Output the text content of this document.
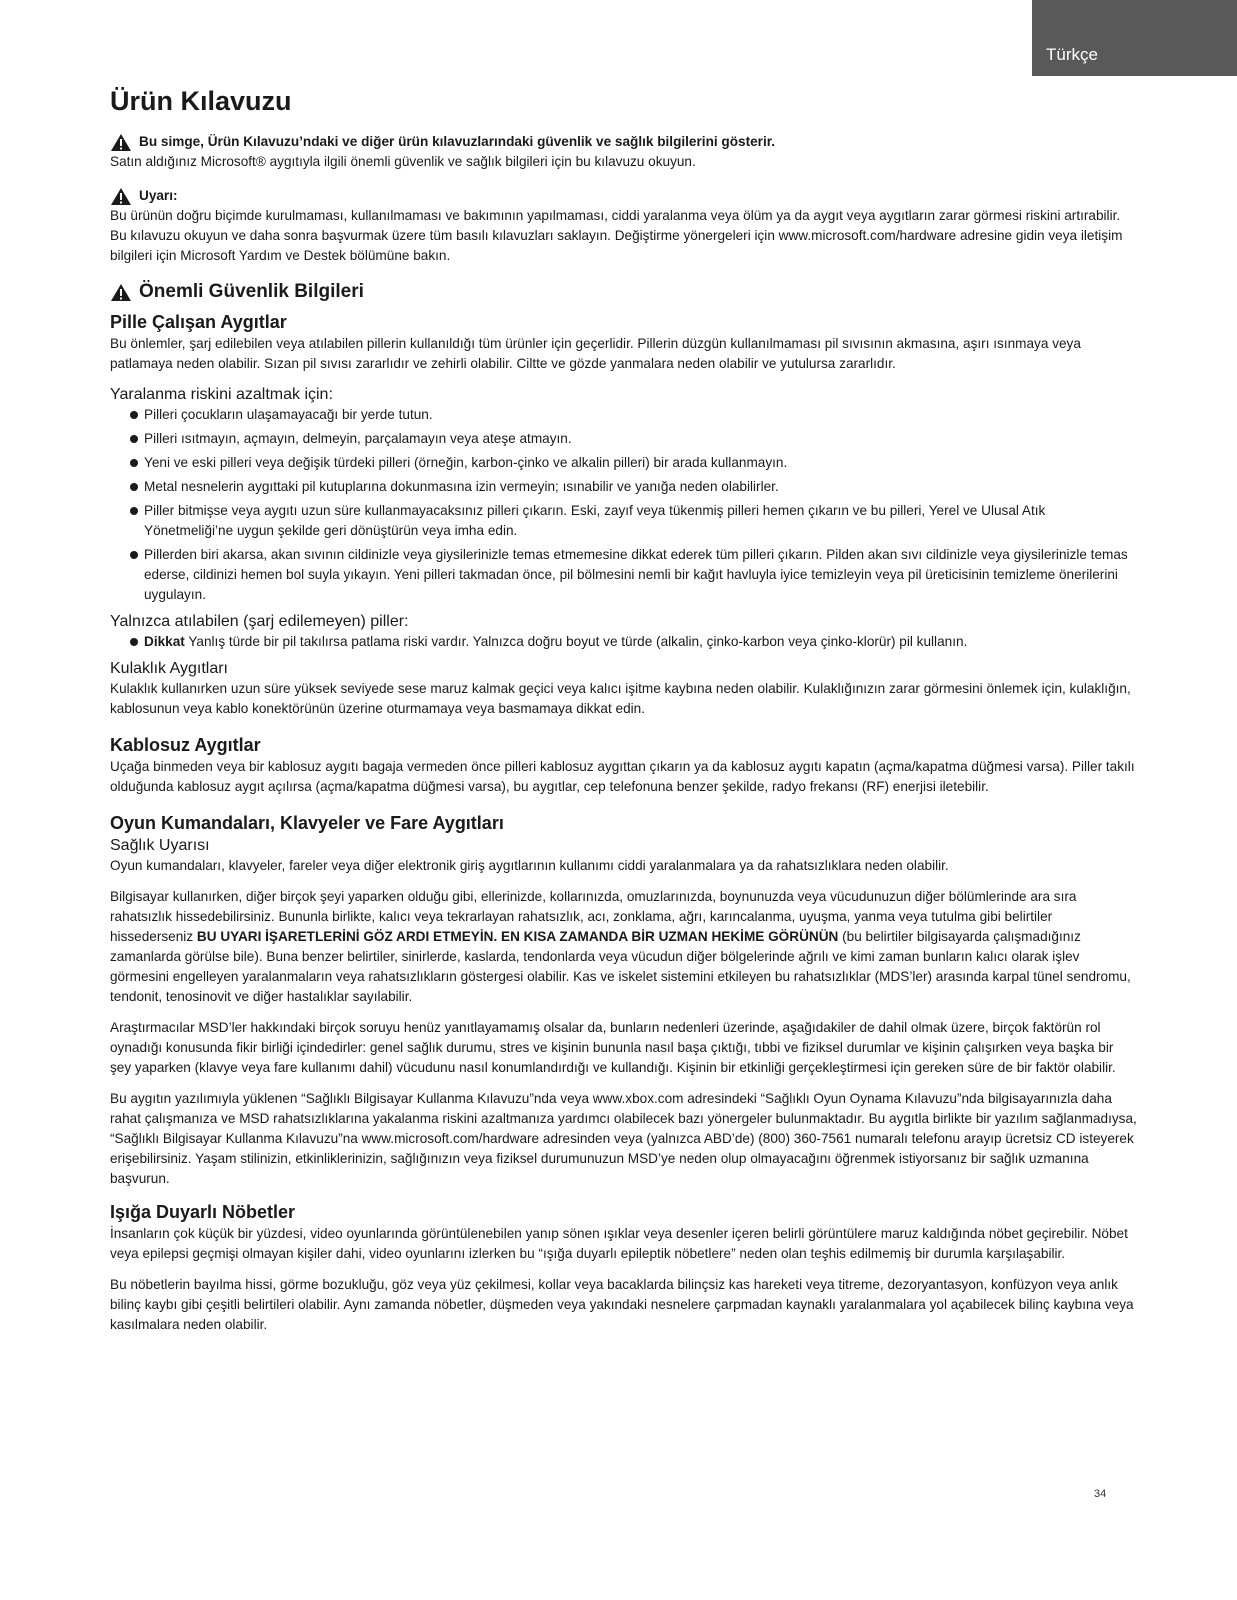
Türkçe
Ürün Kılavuzu
Bu simge, Ürün Kılavuzu’ndaki ve diğer ürün kılavuzlarındaki güvenlik ve sağlık bilgilerini gösterir.

Satın aldığınız Microsoft® aygıtıyla ilgili önemli güvenlik ve sağlık bilgileri için bu kılavuzu okuyun.

Uyarı:

Bu ürünün doğru biçimde kurulmaması, kullanılmaması ve bakımının yapılmaması, ciddi yaralanma veya ölüm ya da aygıt veya aygıtların zarar görmesi riskini artırabilir. Bu kılavuzu okuyun ve daha sonra başvurmak üzere tüm basılı kılavuzları saklayın. Değiştirme yönergeleri için www.microsoft.com/hardware adresine gidin veya iletişim bilgileri için Microsoft Yardım ve Destek bölümüne bakın.

Önemli Güvenlik Bilgileri
Pille Çalışan Aygıtlar

Bu önlemler, şarj edilebilen veya atılabilen pillerin kullanıldığı tüm ürünler için geçerlidir. Pillerin düzgün kullanılmaması pil sıvısının akmasına, aşırı ısınmaya veya patlamaya neden olabilir. Sızan pil sıvısı zararlıdır ve zehirli olabilir. Ciltte ve gözde yanmalara neden olabilir ve yutulursa zararlıdır.

Yaralanma riskini azaltmak için:
Pilleri çocukların ulaşamayacağı bir yerde tutun.
Pilleri ısıtmayın, açmayın, delmeyin, parçalamayın veya ateşe atmayın.
Yeni ve eski pilleri veya değişik türdeki pilleri (örneğin, karbon-çinko ve alkalin pilleri) bir arada kullanmayın.
Metal nesnelerin aygıttaki pil kutuplarına dokunmasına izin vermeyin; ısınabilir ve yanığa neden olabilirler.
Piller bitmişse veya aygıtı uzun süre kullanmayacaksınız pilleri çıkarın. Eski, zayıf veya tükenmiş pilleri hemen çıkarın ve bu pilleri, Yerel ve Ulusal Atık Yönetmeliği’ne uygun şekilde geri dönüştürün veya imha edin.
Pillerden biri akarsa, akan sıvının cildinizle veya giysilerinizle temas etmemesine dikkat ederek tüm pilleri çıkarın. Pilden akan sıvı cildinizle veya giysilerinizle temas ederse, cildinizi hemen bol suyla yıkayın. Yeni pilleri takmadan önce, pil bölmesini nemli bir kağıt havluyla iyice temizleyin veya pil üreticisinin temizleme önerilerini uygulayın.
Yalnızca atılabilen (şarj edilemeyen) piller:
Dikkat Yanlış türde bir pil takılırsa patlama riski vardır. Yalnızca doğru boyut ve türde (alkalin, çinko-karbon veya çinko-klorür) pil kullanın.
Kulaklık Aygıtları

Kulaklık kullanırken uzun süre yüksek seviyede sese maruz kalmak geçici veya kalıcı işitme kaybına neden olabilir. Kulaklığınızın zarar görmesini önlemek için, kulaklığın, kablosunun veya kablo konektörünün üzerine oturmamaya veya basmamaya dikkat edin.

Kablosuz Aygıtlar

Uçağa binmeden veya bir kablosuz aygıtı bagaja vermeden önce pilleri kablosuz aygıttan çıkarın ya da kablosuz aygıtı kapatın (açma/kapatma düğmesi varsa). Piller takılı olduğunda kablosuz aygıt açılırsa (açma/kapatma düğmesi varsa), bu aygıtlar, cep telefonuna benzer şekilde, radyo frekansı (RF) enerjisi iletebilir.

Oyun Kumandaları, Klavyeler ve Fare Aygıtları
Sağlık Uyarısı

Oyun kumandaları, klavyeler, fareler veya diğer elektronik giriş aygıtlarının kullanımı ciddi yaralanmalara ya da rahatsızlıklara neden olabilir.

Bilgisayar kullanırken, diğer birçok şeyi yaparken olduğu gibi, ellerinizde, kollarınızda, omuzlarınızda, boynunuzda veya vücudunuzun diğer bölümlerinde ara sıra rahatsızlık hissedebilirsiniz. Bununla birlikte, kalıcı veya tekrarlayan rahatsızlık, acı, zonklama, ağrı, karıncalanma, uyuşma, yanma veya tutulma gibi belirtiler hissederseniz BU UYARI İŞARETLERİNİ GÖZ ARDI ETMEYİN. EN KISA ZAMANDA BİR UZMAN HEKİME GÖRÜNÜN (bu belirtiler bilgisayarda çalışmadığınız zamanlarda görülse bile). Buna benzer belirtiler, sinirlerde, kaslarda, tendonlarda veya vücudun diğer bölgelerinde ağrılı ve kimi zaman bunların kalıcı olarak işlev görmesini engelleyen yaralanmaların veya rahatsızlıkların göstergesi olabilir. Kas ve iskelet sistemini etkileyen bu rahatsızlıklar (MDS’ler) arasında karpal tünel sendromu, tendonit, tenosinovit ve diğer hastalıklar sayılabilir.

Araştırmacılar MSD’ler hakkındaki birçok soruyu henüz yanıtlayamamış olsalar da, bunların nedenleri üzerinde, aşağıdakiler de dahil olmak üzere, birçok faktörün rol oynadığı konusunda fikir birliği içindedirler: genel sağlık durumu, stres ve kişinin bununla nasıl başa çıktığı, tıbbi ve fiziksel durumlar ve kişinin çalışırken veya başka bir şey yaparken (klavye veya fare kullanımı dahil) vücudunu nasıl konumlandırdığı ve kullandığı. Kişinin bir etkinliği gerçekleştirmesi için gereken süre de bir faktör olabilir.

Bu aygıtın yazılımıyla yüklenen “Sağlıklı Bilgisayar Kullanma Kılavuzu”nda veya www.xbox.com adresindeki “Sağlıklı Oyun Oynama Kılavuzu”nda bilgisayarınızla daha rahat çalışmanıza ve MSD rahatsızlıklarına yakalanma riskini azaltmanıza yardımcı olabilecek bazı yönergeler bulunmaktadır. Bu aygıtla birlikte bir yazılım sağlanmadıysa, “Sağlıklı Bilgisayar Kullanma Kılavuzu”na www.microsoft.com/hardware adresinden veya (yalnızca ABD’de) (800) 360-7561 numaralı telefonu arayıp ücretsiz CD isteyerek erişebilirsiniz. Yaşam stilinizin, etkinliklerinizin, sağlığınızın veya fiziksel durumunuzun MSD’ye neden olup olmayacağını öğrenmek istiyorsanız bir sağlık uzmanına başvurun.

Işığa Duyarlı Nöbetler

İnsanların çok küçük bir yüzdesi, video oyunlarında görüntülenebilen yanıp sönen ışıklar veya desenler içeren belirli görüntülere maruz kaldığında nöbet geçirebilir. Nöbet veya epilepsi geçmişi olmayan kişiler dahi, video oyunlarını izlerken bu “ışığa duyarlı epileptik nöbetlere” neden olan teşhis edilmemiş bir durumla karşılaşabilir.

Bu nöbetlerin bayılma hissi, görme bozukluğu, göz veya yüz çekilmesi, kollar veya bacaklarda bilinçsiz kas hareketi veya titreme, dezoryantasyon, konfüzyon veya anlık bilinç kaybı gibi çeşitli belirtileri olabilir. Aynı zamanda nöbetler, düşmeden veya yakındaki nesnelere çarpmadan kaynaklı yaralanmalara yol açabilecek bilinç kaybına veya kasılmalara neden olabilir.

34
